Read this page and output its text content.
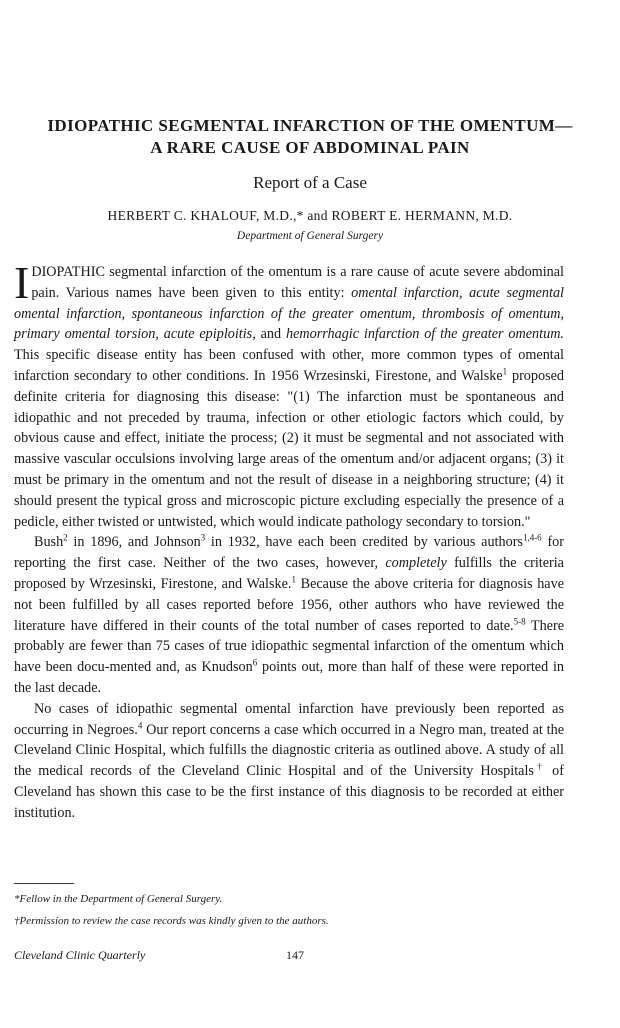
IDIOPATHIC SEGMENTAL INFARCTION OF THE OMENTUM—
A RARE CAUSE OF ABDOMINAL PAIN
Report of a Case
HERBERT C. KHALOUF, M.D.,* and ROBERT E. HERMANN, M.D.
Department of General Surgery

IDIOPATHIC segmental infarction of the omentum is a rare cause of acute severe abdominal pain. Various names have been given to this entity: omental infarction, acute segmental omental infarction, spontaneous infarction of the greater omentum, thrombosis of omentum, primary omental torsion, acute epiploitis, and hemorrhagic infarction of the greater omentum. This specific disease entity has been confused with other, more common types of omental infarction secondary to other conditions. In 1956 Wrzesinski, Firestone, and Walske$^1$ proposed definite criteria for diagnosing this disease: "(1) The infarction must be spontaneous and idiopathic and not preceded by trauma, infection or other etiologic factors which could, by obvious cause and effect, initiate the process; (2) it must be segmental and not associated with massive vascular occulsions involving large areas of the omentum and/or adjacent organs; (3) it must be primary in the omentum and not the result of disease in a neighboring structure; (4) it should present the typical gross and microscopic picture excluding especially the presence of a pedicle, either twisted or untwisted, which would indicate pathology secondary to torsion."

Bush$^2$ in 1896, and Johnson$^3$ in 1932, have each been credited by various authors$^{1,4-6}$ for reporting the first case. Neither of the two cases, however, completely fulfills the criteria proposed by Wrzesinski, Firestone, and Walske.$^1$ Because the above criteria for diagnosis have not been fulfilled by all cases reported before 1956, other authors who have reviewed the literature have differed in their counts of the total number of cases reported to date.$^{5-8}$ There probably are fewer than 75 cases of true idiopathic segmental infarction of the omentum which have been docu-mented and, as Knudson$^6$ points out, more than half of these were reported in the last decade.

No cases of idiopathic segmental omental infarction have previously been reported as occurring in Negroes.$^4$ Our report concerns a case which occurred in a Negro man, treated at the Cleveland Clinic Hospital, which fulfills the diagnostic criteria as outlined above. A study of all the medical records of the Cleveland Clinic Hospital and of the University Hospitals† of Cleveland has shown this case to be the first instance of this diagnosis to be recorded at either institution.

*Fellow in the Department of General Surgery.
†Permission to review the case records was kindly given to the authors.
Cleveland Clinic Quarterly	147
